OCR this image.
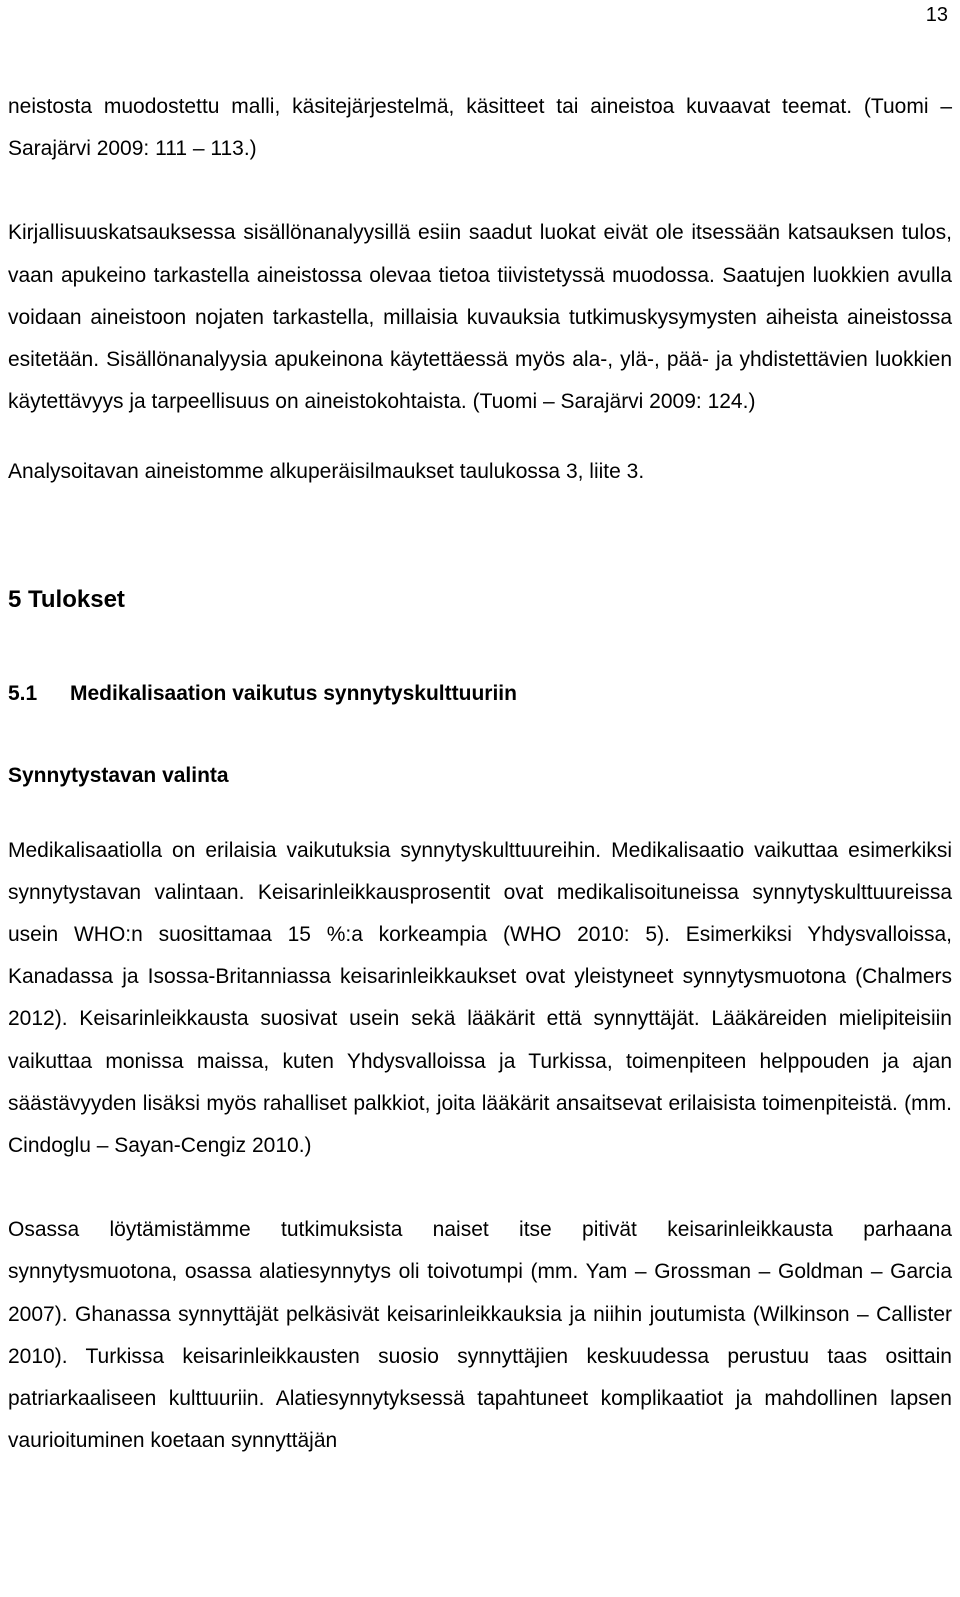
13

neistosta muodostettu malli, käsitejärjestelmä, käsitteet tai aineistoa kuvaavat teemat. (Tuomi – Sarajärvi 2009: 111 – 113.)

Kirjallisuuskatsauksessa sisällönanalyysillä esiin saadut luokat eivät ole itsessään katsauksen tulos, vaan apukeino tarkastella aineistossa olevaa tietoa tiivistetyssä muodossa. Saatujen luokkien avulla voidaan aineistoon nojaten tarkastella, millaisia kuvauksia tutkimuskysymysten aiheista aineistossa esitetään. Sisällönanalyysia apukeinona käytettäessä myös ala-, ylä-, pää- ja yhdistettävien luokkien käytettävyys ja tarpeellisuus on aineistokohtaista. (Tuomi – Sarajärvi 2009: 124.)

Analysoitavan aineistomme alkuperäisilmaukset taulukossa 3, liite 3.

5 Tulokset
5.1 Medikalisaation vaikutus synnytyskulttuuriin
Synnytystavan valinta

Medikalisaatiolla on erilaisia vaikutuksia synnytyskulttuureihin. Medikalisaatio vaikuttaa esimerkiksi synnytystavan valintaan. Keisarinleikkausprosentit ovat medikalisoituneissa synnytyskulttuureissa usein WHO:n suosittamaa 15 %:a korkeampia (WHO 2010: 5). Esimerkiksi Yhdysvalloissa, Kanadassa ja Isossa-Britanniassa keisarinleikkaukset ovat yleistyneet synnytysmuotona (Chalmers 2012). Keisarinleikkausta suosivat usein sekä lääkärit että synnyttäjät. Lääkäreiden mielipiteisiin vaikuttaa monissa maissa, kuten Yhdysvalloissa ja Turkissa, toimenpiteen helppouden ja ajan säästävyyden lisäksi myös rahalliset palkkiot, joita lääkärit ansaitsevat erilaisista toimenpiteistä. (mm. Cindoglu – Sayan-Cengiz 2010.)

Osassa löytämistämme tutkimuksista naiset itse pitivät keisarinleikkausta parhaana synnytysmuotona, osassa alatiesynnytys oli toivotumpi (mm. Yam – Grossman – Goldman – Garcia 2007). Ghanassa synnyttäjät pelkäsivät keisarinleikkauksia ja niihin joutumista (Wilkinson – Callister 2010). Turkissa keisarinleikkausten suosio synnyttäjien keskuudessa perustuu taas osittain patriarkaaliseen kulttuuriin. Alatiesynnytyksessä tapahtuneet komplikaatiot ja mahdollinen lapsen vaurioituminen koetaan synnyttäjän
